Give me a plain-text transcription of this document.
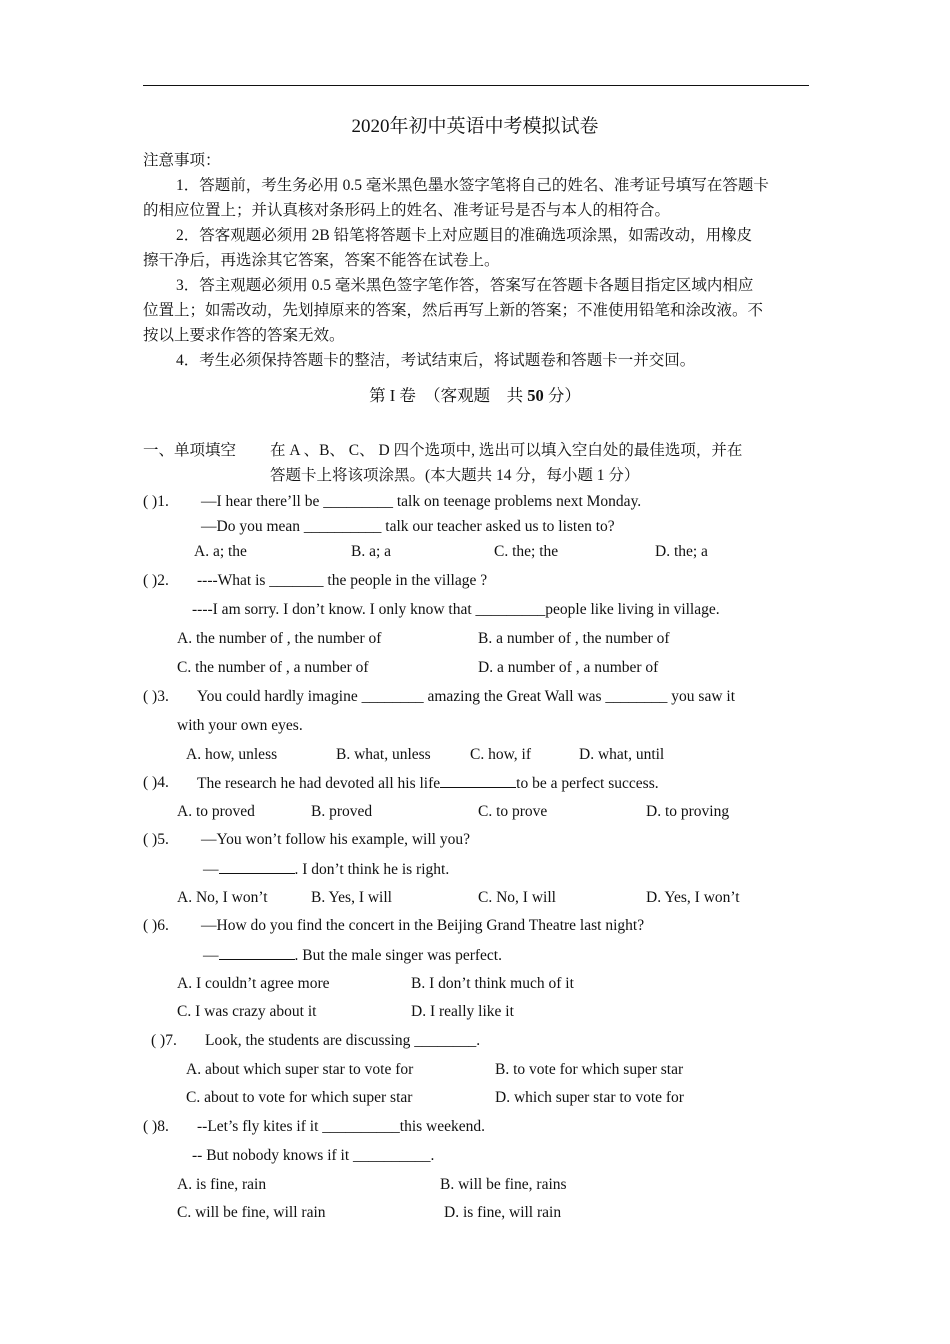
2020年初中英语中考模拟试卷
注意事项：
1．答题前，考生务必用 0.5 毫米黑色墨水签字笔将自己的姓名、准考证号填写在答题卡
的相应位置上；并认真核对条形码上的姓名、准考证号是否与本人的相符合。
2．答客观题必须用 2B 铅笔将答题卡上对应题目的准确选项涂黑，如需改动，用橡皮
擦干净后，再选涂其它答案，答案不能答在试卷上。
3．答主观题必须用 0.5 毫米黑色签字笔作答，答案写在答题卡各题目指定区域内相应
位置上；如需改动，先划掉原来的答案，然后再写上新的答案；不准使用铅笔和涂改液。不
按以上要求作答的答案无效。
4．考生必须保持答题卡的整洁，考试结束后，将试题卷和答题卡一并交回。
第 I 卷　（客观题　共 50 分）
一、单项填空 在 A 、B、 C、 D 四个选项中, 选出可以填入空白处的最佳选项，并在
答题卡上将该项涂黑。(本大题共 14 分，每小题 1 分）
( )1. —I hear there’ll be _________ talk on teenage problems next Monday.
—Do you mean __________ talk our teacher asked us to listen to?
A. a; the	B. a; a	C. the; the	D. the; a
( )2. ----What is _______ the people in the village ?
----I am sorry. I don’t know. I only know that _________people like living in village.
A. the number of , the number of	B. a number of , the number of
C. the number of , a number of	D. a number of , a number of
( )3. You could hardly imagine ________ amazing the Great Wall was ________ you saw it
with your own eyes.
A. how, unless	B. what, unless	C. how, if	D. what, until
( )4. The research he had devoted all his life	to be a perfect success.
A. to proved	B. proved	C. to prove	D. to proving
( )5. —You won’t follow his example, will you?
—	. I don’t think he is right.
A. No, I won’t	B. Yes, I will	C. No, I will	D. Yes, I won’t
( )6. —How do you find the concert in the Beijing Grand Theatre last night?
—	. But the male singer was perfect.
A. I couldn’t agree more	B. I don’t think much of it
C. I was crazy about it	D. I really like it
( )7. Look, the students are discussing ________.
A. about which super star to vote for	B. to vote for which super star
C. about to vote for which super star	D. which super star to vote for
( )8. --Let’s fly kites if it __________this weekend.
-- But nobody knows if it __________.
A. is fine, rain	B. will be fine, rains
C. will be fine, will rain	D. is fine, will rain
